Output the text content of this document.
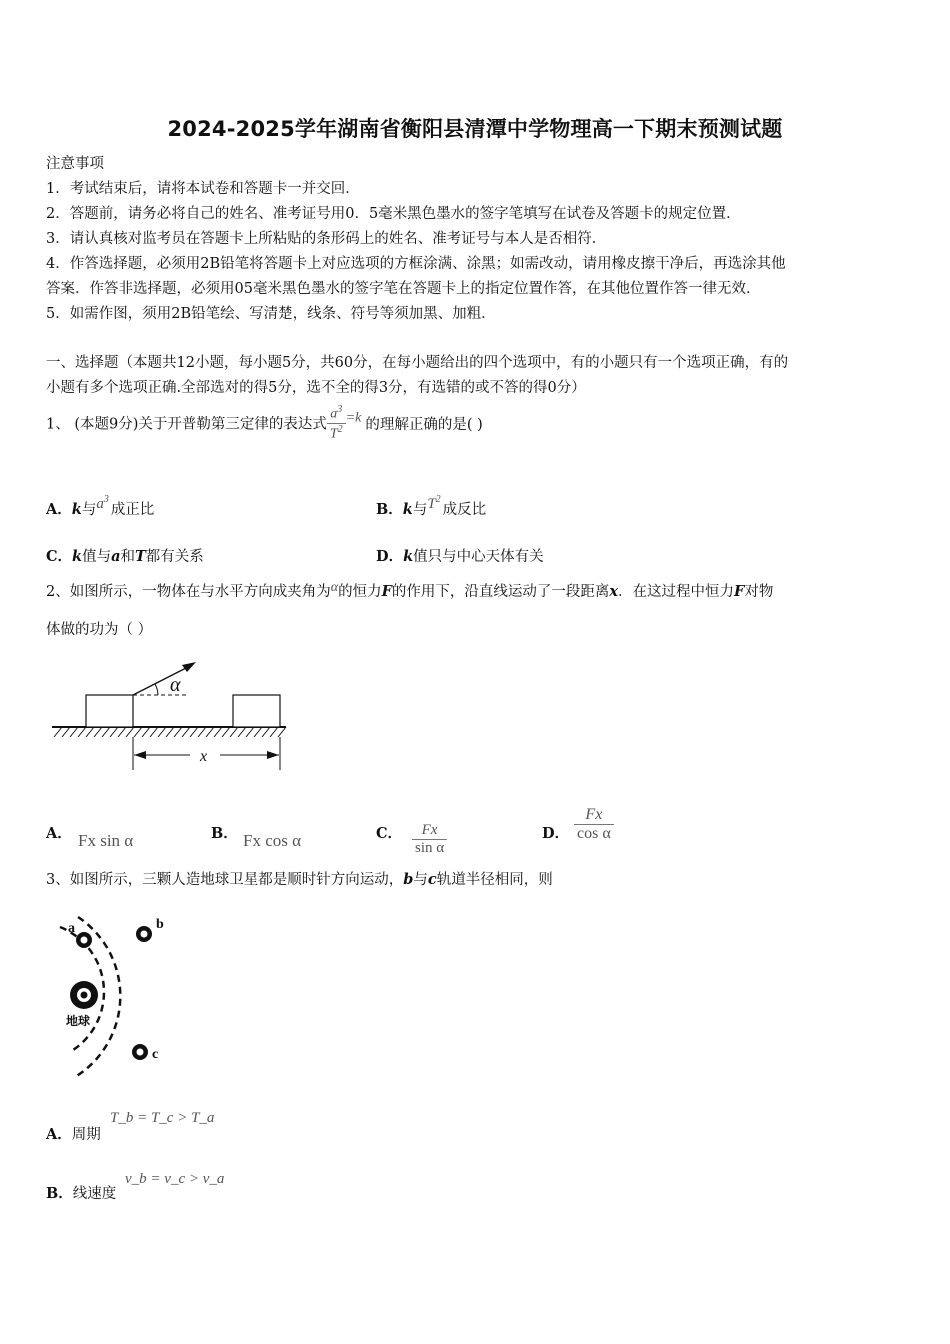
2024-2025学年湖南省衡阳县清潭中学物理高一下期末预测试题
注意事项
1．考试结束后，请将本试卷和答题卡一并交回．
2．答题前，请务必将自己的姓名、准考证号用0．5毫米黑色墨水的签字笔填写在试卷及答题卡的规定位置．
3．请认真核对监考员在答题卡上所粘贴的条形码上的姓名、准考证号与本人是否相符．
4．作答选择题，必须用2B铅笔将答题卡上对应选项的方框涂满、涂黑；如需改动，请用橡皮擦干净后，再选涂其他
答案．作答非选择题，必须用05毫米黑色墨水的签字笔在答题卡上的指定位置作答，在其他位置作答一律无效．
5．如需作图，须用2B铅笔绘、写清楚，线条、符号等须加黑、加粗．
一、选择题（本题共12小题，每小题5分，共60分，在每小题给出的四个选项中，有的小题只有一个选项正确，有的
小题有多个选项正确.全部选对的得5分，选不全的得3分，有选错的或不答的得0分）
1、 (本题9分)关于开普勒第三定律的表达式 $\frac{a^3}{T^2} =k$ 的理解正确的是( )
A．k与$a^3$成正比	B．k与$T^2$成反比
C．k值与a和T都有关系	D．k值只与中心天体有关
2、如图所示，一物体在与水平方向成夹角为α的恒力F的作用下，沿直线运动了一段距离x．在这过程中恒力F对物
体做的功为（ ）
α
x
A． Fx sin α	B． Fx cos α	C． $\frac{Fx}{\text{sin α}}$	D． $\frac{Fx}{\text{cos α}}$
3、如图所示，三颗人造地球卫星都是顺时针方向运动，b与c轨道半径相同，则
地球
a	b
c
A．周期
T_b = T_c > T_a
B．线速度
v_b = v_c > v_a
